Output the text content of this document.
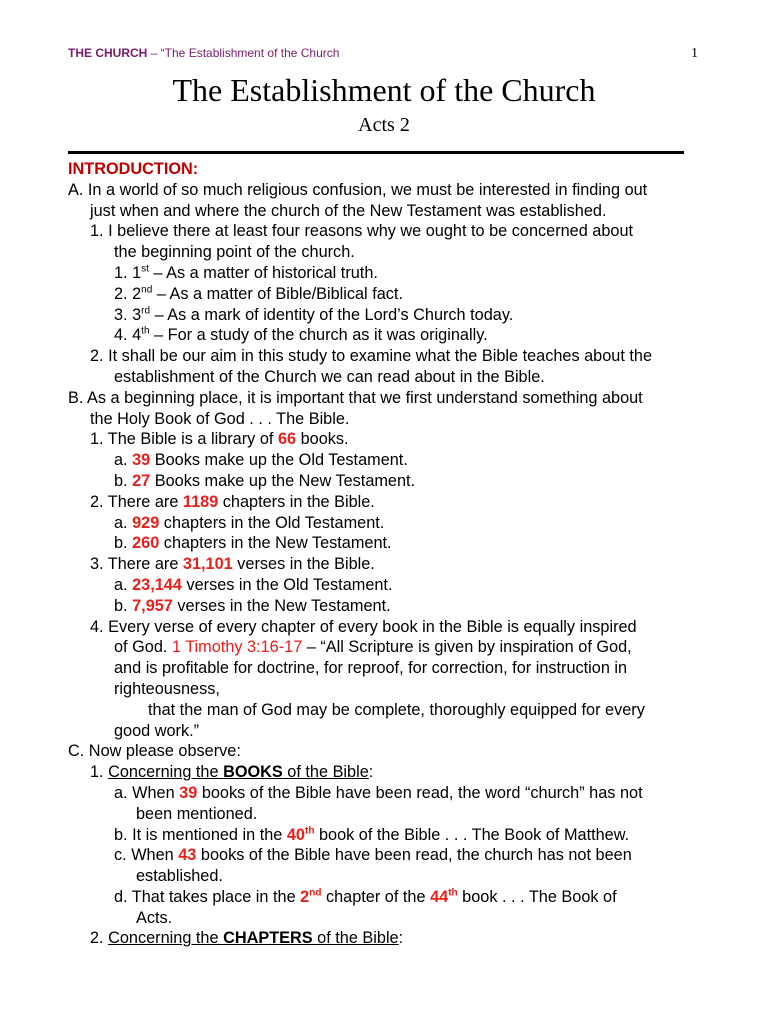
THE CHURCH – “The Establishment of the Church	1
The Establishment of the Church
Acts 2
INTRODUCTION:
A. In a world of so much religious confusion, we must be interested in finding out
just when and where the church of the New Testament was established.
1. I believe there at least four reasons why we ought to be concerned about
the beginning point of the church.
1. 1st – As a matter of historical truth.
2. 2nd – As a matter of Bible/Biblical fact.
3. 3rd – As a mark of identity of the Lord’s Church today.
4. 4th – For a study of the church as it was originally.
2. It shall be our aim in this study to examine what the Bible teaches about the
establishment of the Church we can read about in the Bible.
B. As a beginning place, it is important that we first understand something about
the Holy Book of God . . . The Bible.
1. The Bible is a library of 66 books.
a. 39 Books make up the Old Testament.
b. 27 Books make up the New Testament.
2. There are 1189 chapters in the Bible.
a. 929 chapters in the Old Testament.
b. 260 chapters in the New Testament.
3. There are 31,101 verses in the Bible.
a. 23,144 verses in the Old Testament.
b. 7,957 verses in the New Testament.
4. Every verse of every chapter of every book in the Bible is equally inspired
of God. 1 Timothy 3:16-17 – “All Scripture is given by inspiration of God,
and is profitable for doctrine, for reproof, for correction, for instruction in
righteousness,
that the man of God may be complete, thoroughly equipped for every
good work.”
C. Now please observe:
1. Concerning the BOOKS of the Bible:
a. When 39 books of the Bible have been read, the word “church” has not
been mentioned.
b. It is mentioned in the 40th book of the Bible . . . The Book of Matthew.
c. When 43 books of the Bible have been read, the church has not been
established.
d. That takes place in the 2nd chapter of the 44th book . . . The Book of
Acts.
2. Concerning the CHAPTERS of the Bible:
